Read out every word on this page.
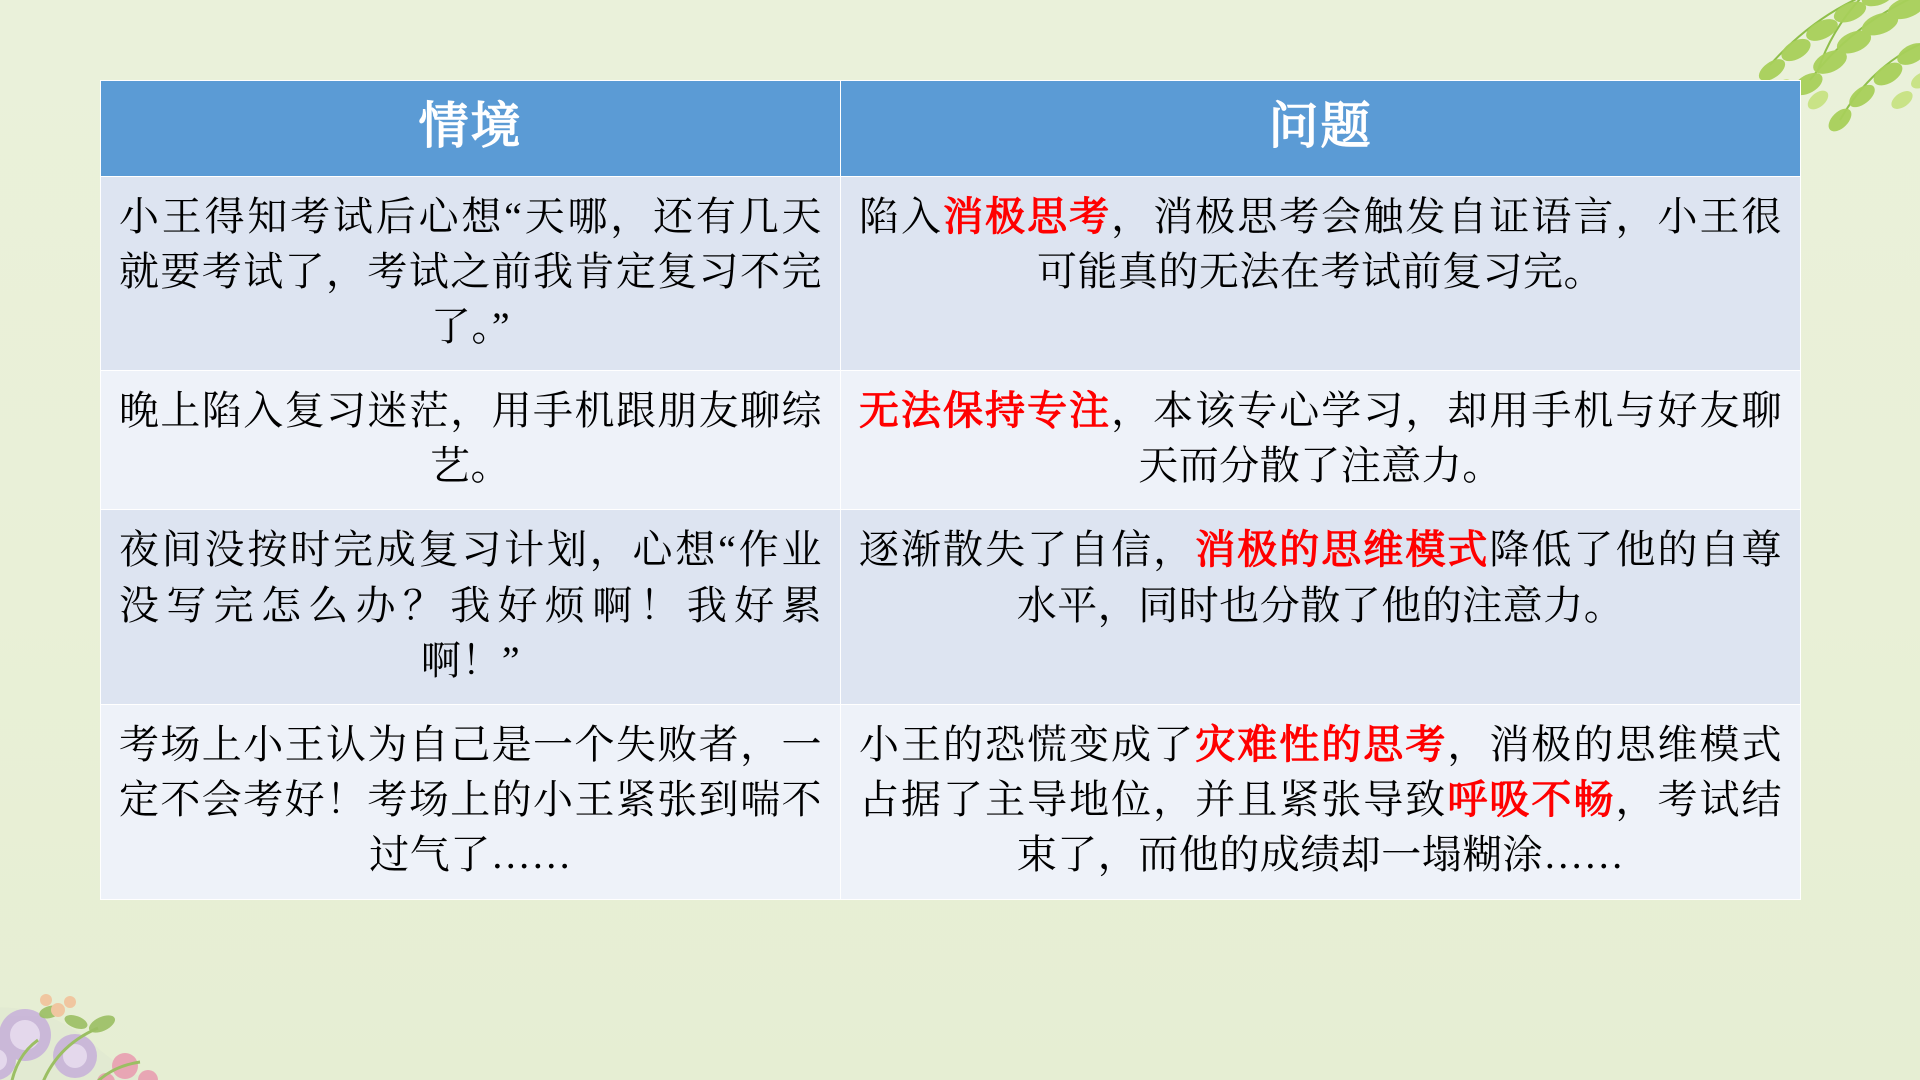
情境	问题
小王得知考试后心想“天哪，还有几天就要考试了，考试之前我肯定复习不完了。”	陷入消极思考，消极思考会触发自证语言，小王很可能真的无法在考试前复习完。
晚上陷入复习迷茫，用手机跟朋友聊综艺。	无法保持专注，本该专心学习，却用手机与好友聊天而分散了注意力。
夜间没按时完成复习计划，心想“作业没写完怎么办？我好烦啊！我好累啊！”	逐渐散失了自信，消极的思维模式降低了他的自尊水平，同时也分散了他的注意力。
考场上小王认为自己是一个失败者，一定不会考好！考场上的小王紧张到喘不过气了……	小王的恐慌变成了灾难性的思考，消极的思维模式占据了主导地位，并且紧张导致呼吸不畅，考试结束了，而他的成绩却一塌糊涂……
